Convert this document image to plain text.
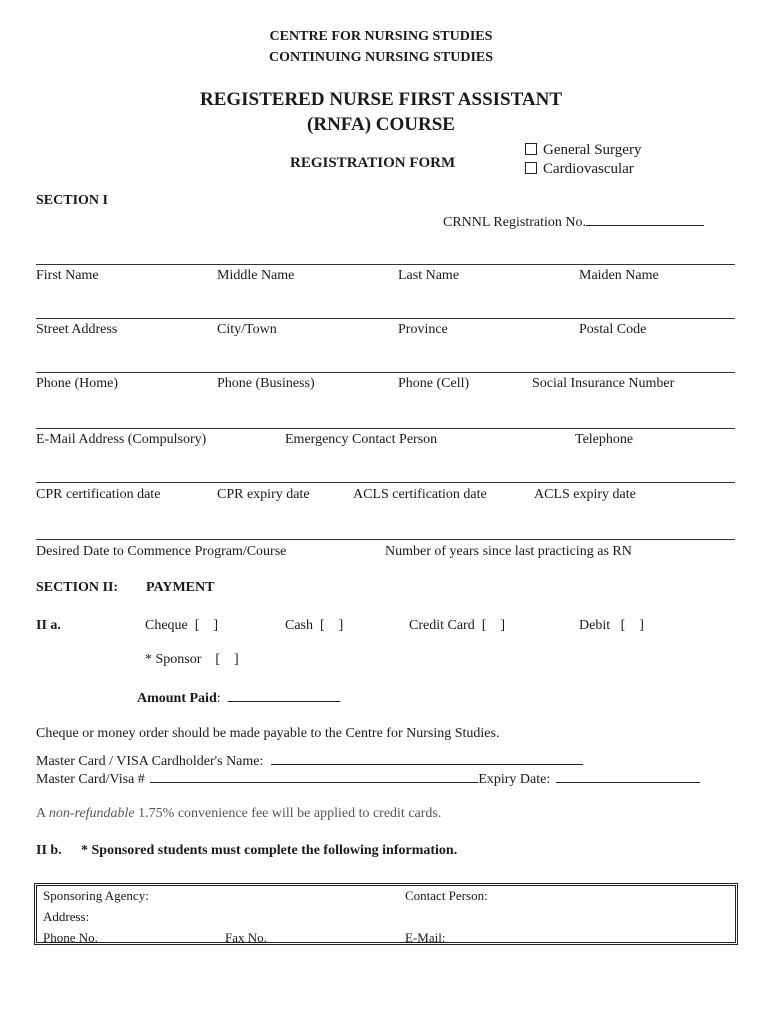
CENTRE FOR NURSING STUDIES
CONTINUING NURSING STUDIES
REGISTERED NURSE FIRST ASSISTANT
(RNFA) COURSE
REGISTRATION FORM
General Surgery
Cardiovascular
SECTION I
CRNNL Registration No.
First Name	Middle Name	Last Name	Maiden Name
Street Address	City/Town	Province	Postal Code
Phone (Home)	Phone (Business)	Phone (Cell)	Social Insurance Number
E-Mail Address (Compulsory)	Emergency Contact Person	Telephone
CPR certification date	CPR expiry date	ACLS certification date	ACLS expiry date
Desired Date to Commence Program/Course	Number of years since last practicing as RN
SECTION II: PAYMENT
II a.	Cheque  [    ]	Cash  [    ]	Credit Card  [    ]	Debit   [    ]
* Sponsor    [    ]
Amount Paid:
Cheque or money order should be made payable to the Centre for Nursing Studies.
Master Card / VISA Cardholder's Name:
Master Card/Visa #	Expiry Date:
A non-refundable 1.75% convenience fee will be applied to credit cards.
II b. * Sponsored students must complete the following information.
Sponsoring Agency:	Contact Person:
Address:
Phone No.	Fax No.	E-Mail:
